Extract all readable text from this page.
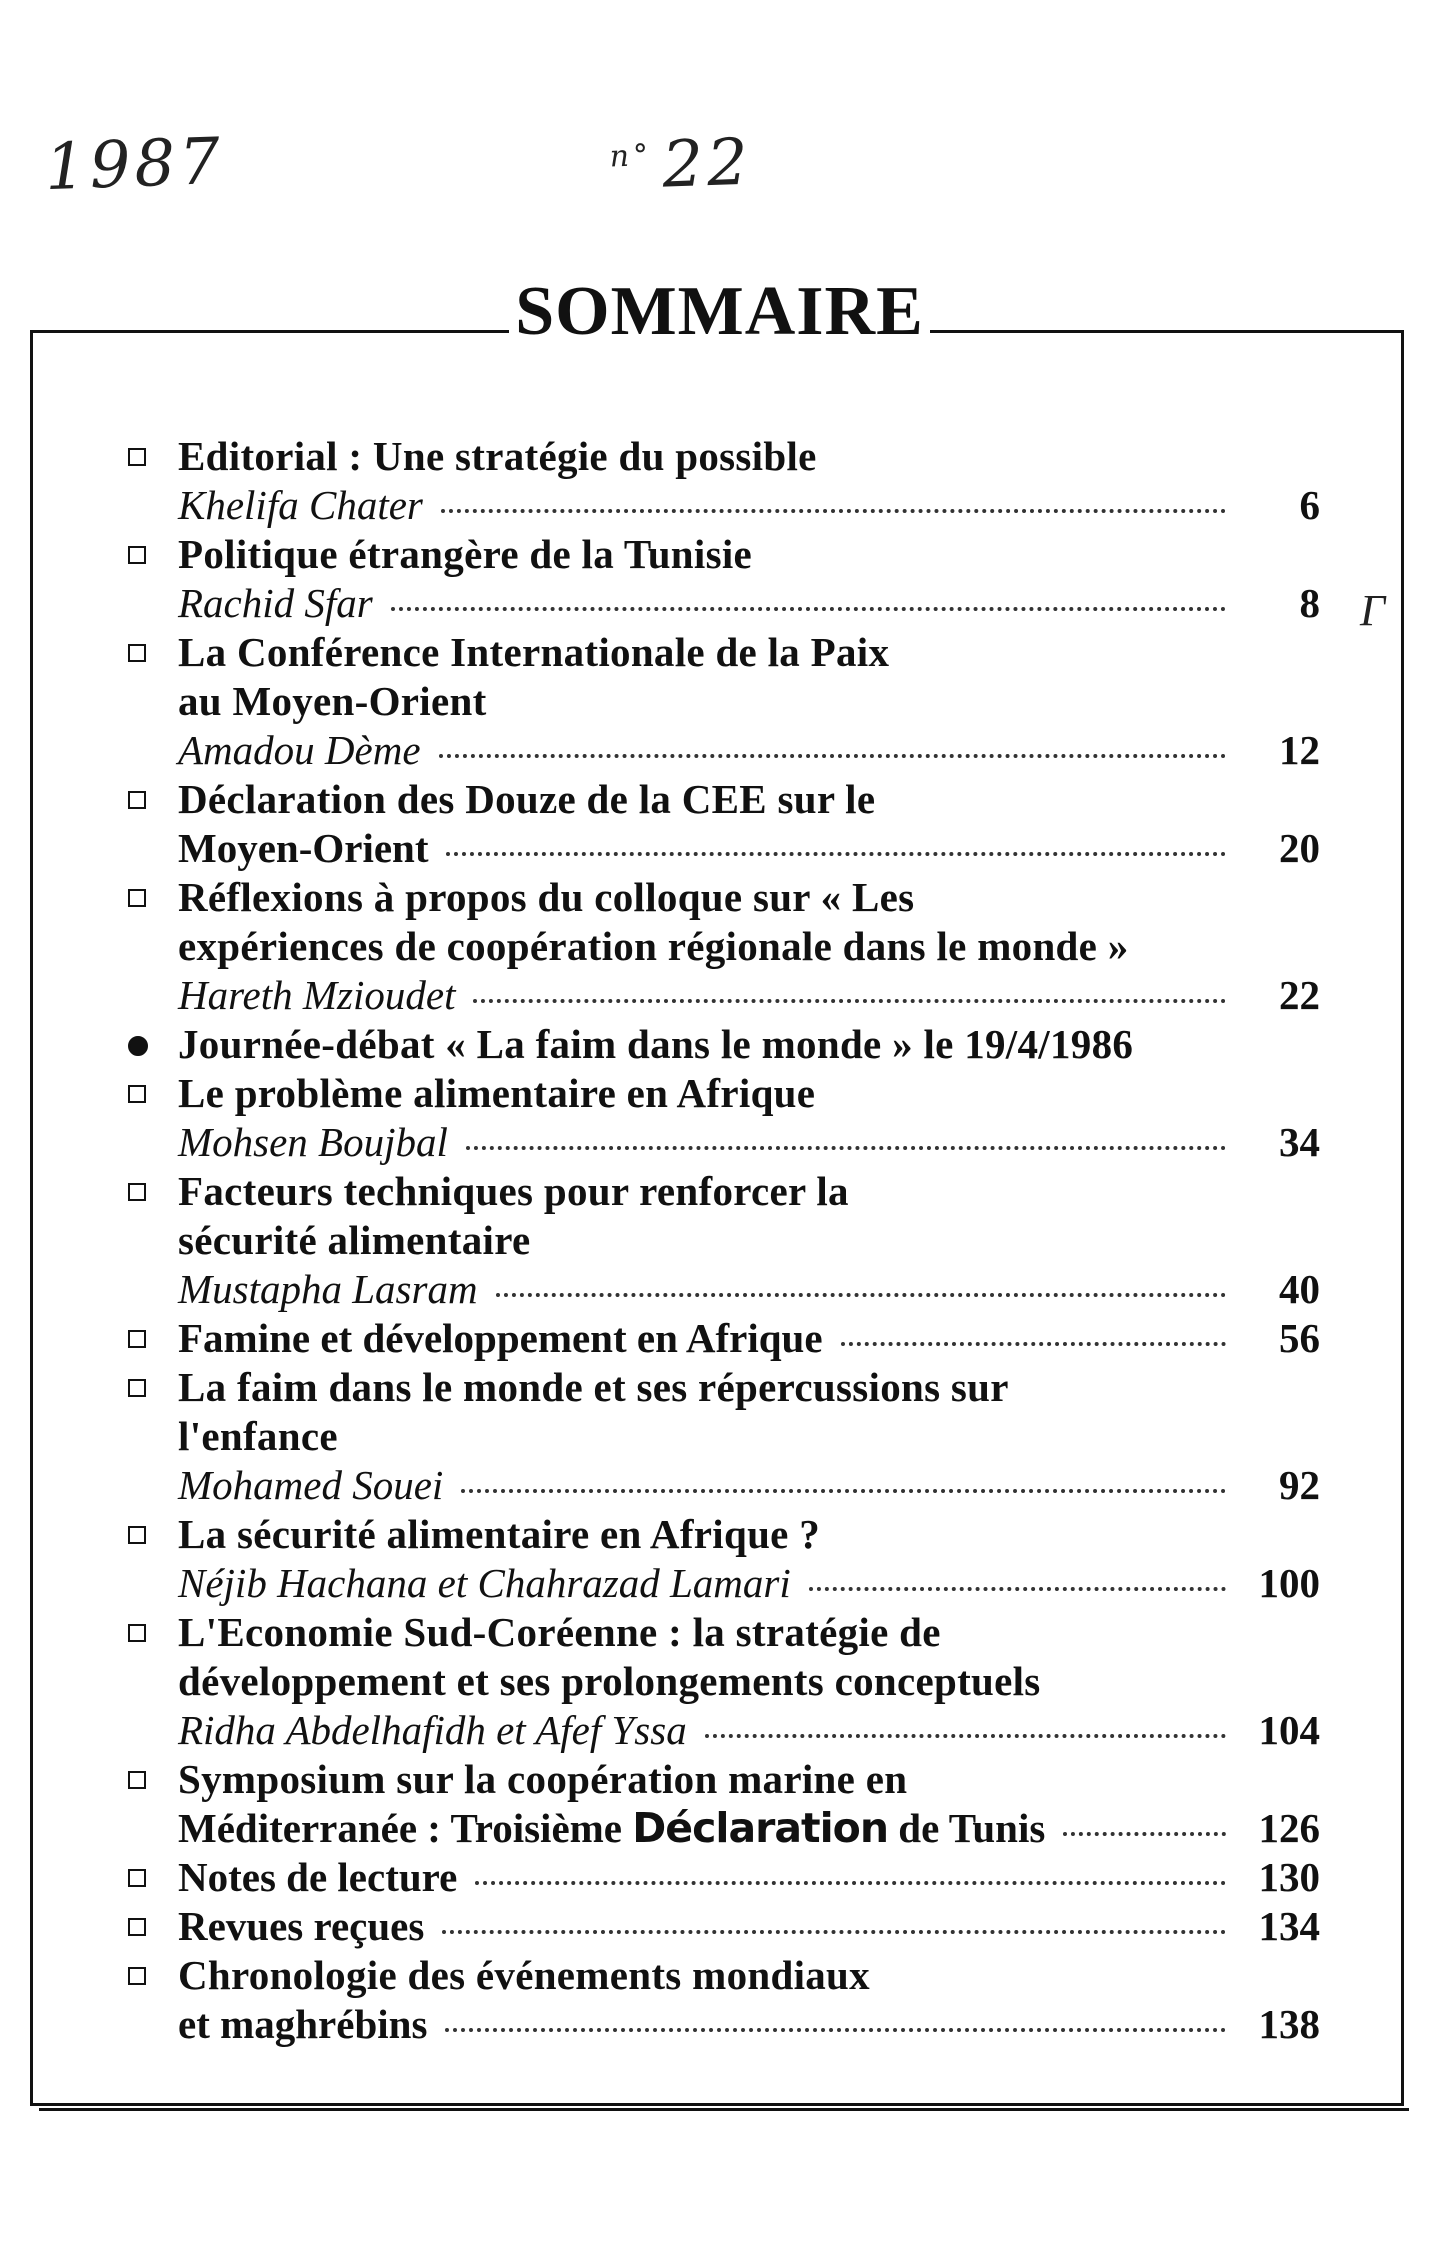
1987	$^{n^\circ}$ 22
Γ
SOMMAIRE
Editorial : Une stratégie du possible
Khelifa Chater	6
Politique étrangère de la Tunisie
Rachid Sfar	8
La Conférence Internationale de la Paix
au Moyen-Orient
Amadou Dème	12
Déclaration des Douze de la CEE sur le
Moyen-Orient	20
Réflexions à propos du colloque sur « Les
expériences de coopération régionale dans le monde »
Hareth Mzioudet	22
Journée-débat « La faim dans le monde » le 19/4/1986
Le problème alimentaire en Afrique
Mohsen Boujbal	34
Facteurs techniques pour renforcer la
sécurité alimentaire
Mustapha Lasram	40
Famine et développement en Afrique	56
La faim dans le monde et ses répercussions sur
l'enfance
Mohamed Souei	92
La sécurité alimentaire en Afrique ?
Néjib Hachana et Chahrazad Lamari	100
L'Economie Sud-Coréenne : la stratégie de
développement et ses prolongements conceptuels
Ridha Abdelhafidh et Afef Yssa	104
Symposium sur la coopération marine en
Méditerranée : Troisième
Déclaration
de Tunis	126
Notes de lecture	130
Revues reçues	134
Chronologie des événements mondiaux
et maghrébins	138
